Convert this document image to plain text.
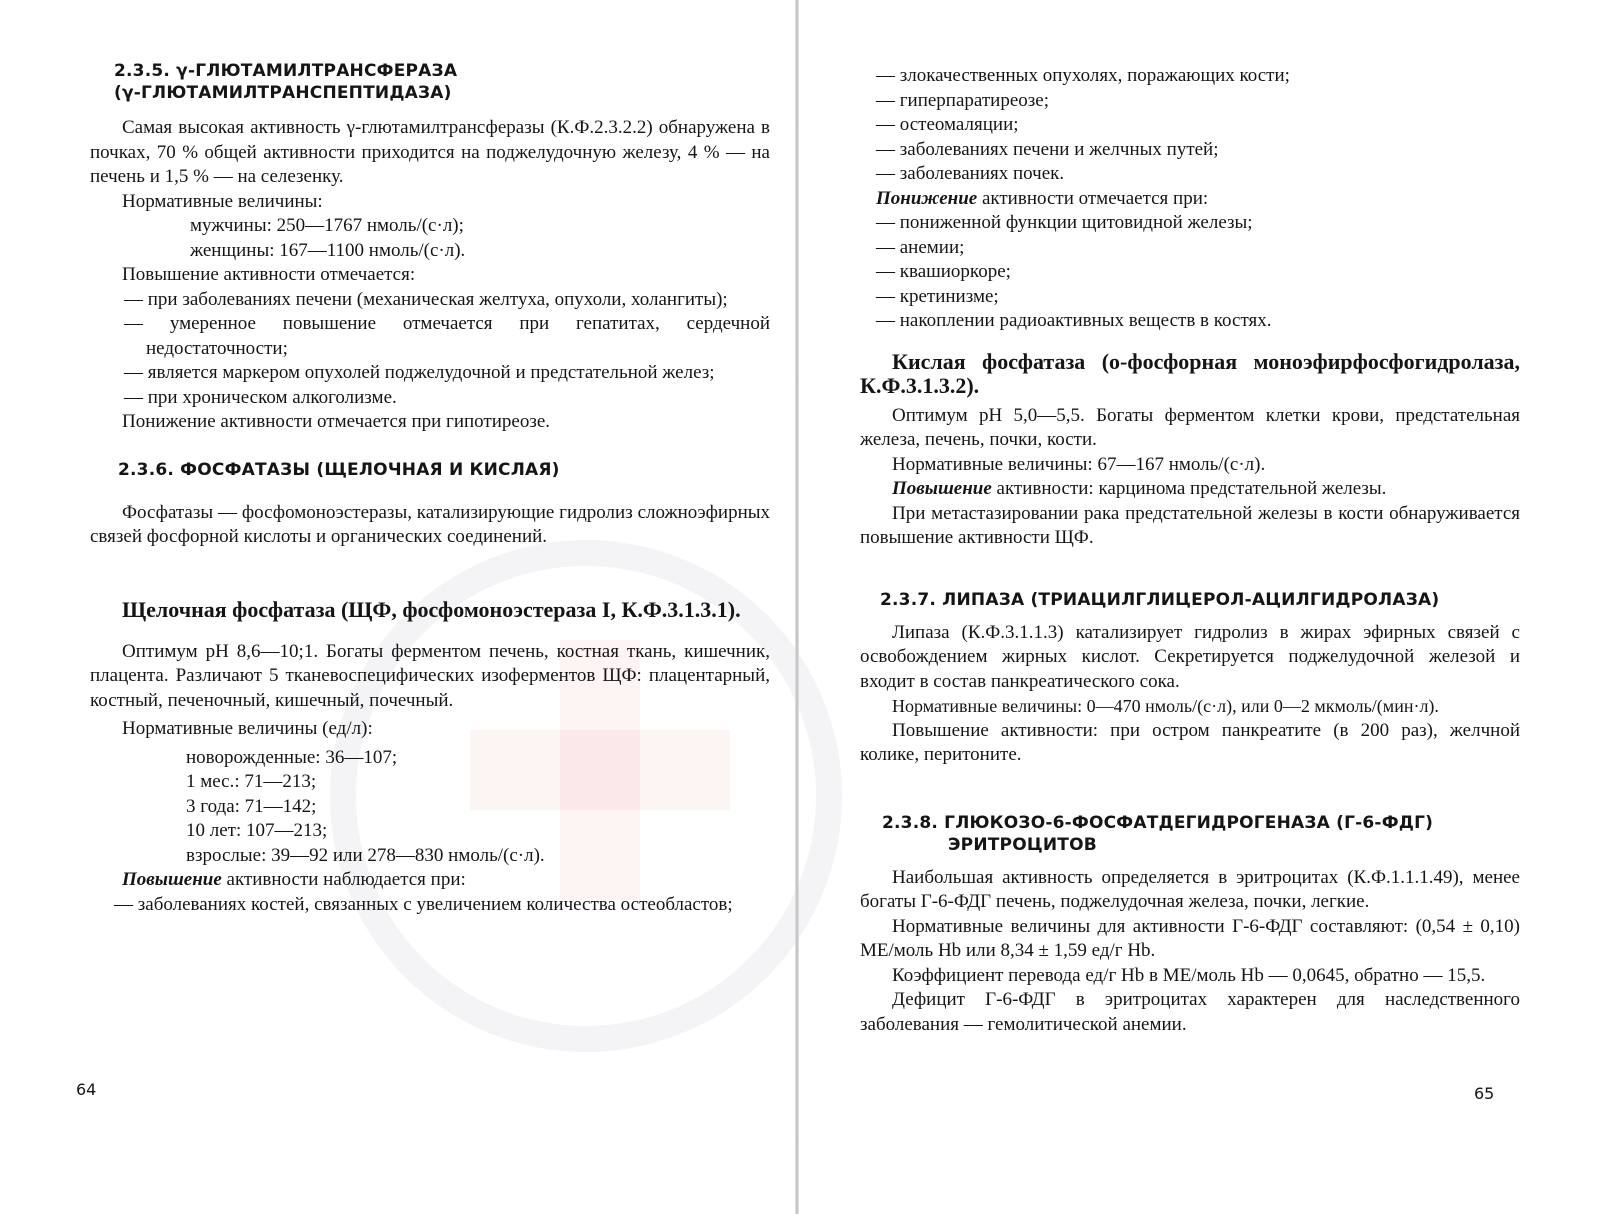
2.3.5. γ-ГЛЮТАМИЛТРАНСФЕРАЗА
(γ-ГЛЮТАМИЛТРАНСПЕПТИДАЗА)

Самая высокая активность γ-глютамилтрансферазы (К.Ф.2.3.2.2) обнаружена в почках, 70 % общей активности приходится на поджелудочную железу, 4 % — на печень и 1,5 % — на селезенку.

Нормативные величины:

мужчины: 250—1767 нмоль/(с·л);
женщины: 167—1100 нмоль/(с·л).

Повышение активности отмечается:

— при заболеваниях печени (механическая желтуха, опухоли, холангиты);

— умеренное повышение отмечается при гепатитах, сердечной недостаточности;

— является маркером опухолей поджелудочной и предстательной желез;

— при хроническом алкоголизме.

Понижение активности отмечается при гипотиреозе.

2.3.6. ФОСФАТАЗЫ (ЩЕЛОЧНАЯ И КИСЛАЯ)

Фосфатазы — фосфомоноэстеразы, катализирующие гидролиз сложноэфирных связей фосфорной кислоты и органических соединений.

Щелочная фосфатаза (ЩФ, фосфомоноэстераза I, К.Ф.3.1.3.1).

Оптимум рН 8,6—10;1. Богаты ферментом печень, костная ткань, кишечник, плацента. Различают 5 тканевоспецифических изоферментов ЩФ: плацентарный, костный, печеночный, кишечный, почечный.

Нормативные величины (ед/л):

новорожденные: 36—107;
1 мес.: 71—213;
3 года: 71—142;
10 лет: 107—213;
взрослые: 39—92 или 278—830 нмоль/(с·л).

Повышение активности наблюдается при:

— заболеваниях костей, связанных с увеличением количества остеобластов;

64

— злокачественных опухолях, поражающих кости;

— гиперпаратиреозе;

— остеомаляции;

— заболеваниях печени и желчных путей;

— заболеваниях почек.

Понижение активности отмечается при:

— пониженной функции щитовидной железы;

— анемии;

— квашиоркоре;

— кретинизме;

— накоплении радиоактивных веществ в костях.

Кислая фосфатаза (о-фосфорная моноэфирфосфогидролаза, К.Ф.3.1.3.2).

Оптимум рН 5,0—5,5. Богаты ферментом клетки крови, предстательная железа, печень, почки, кости.

Нормативные величины: 67—167 нмоль/(с·л).

Повышение активности: карцинома предстательной железы.

При метастазировании рака предстательной железы в кости обнаруживается повышение активности ЩФ.

2.3.7. ЛИПАЗА (ТРИАЦИЛГЛИЦЕРОЛ-АЦИЛГИДРОЛАЗА)

Липаза (К.Ф.3.1.1.3) катализирует гидролиз в жирах эфирных связей с освобождением жирных кислот. Секретируется поджелудочной железой и входит в состав панкреатического сока.

Нормативные величины: 0—470 нмоль/(с·л), или 0—2 мкмоль/(мин·л).

Повышение активности: при остром панкреатите (в 200 раз), желчной колике, перитоните.

2.3.8. ГЛЮКОЗО-6-ФОСФАТДЕГИДРОГЕНАЗА (Г-6-ФДГ)
ЭРИТРОЦИТОВ

Наибольшая активность определяется в эритроцитах (К.Ф.1.1.1.49), менее богаты Г-6-ФДГ печень, поджелудочная железа, почки, легкие.

Нормативные величины для активности Г-6-ФДГ составляют: (0,54 ± 0,10) МЕ/моль Hb или 8,34 ± 1,59 ед/г Hb.

Коэффициент перевода ед/г Hb в МЕ/моль Hb — 0,0645, обратно — 15,5.

Дефицит Г-6-ФДГ в эритроцитах характерен для наследственного заболевания — гемолитической анемии.

65
